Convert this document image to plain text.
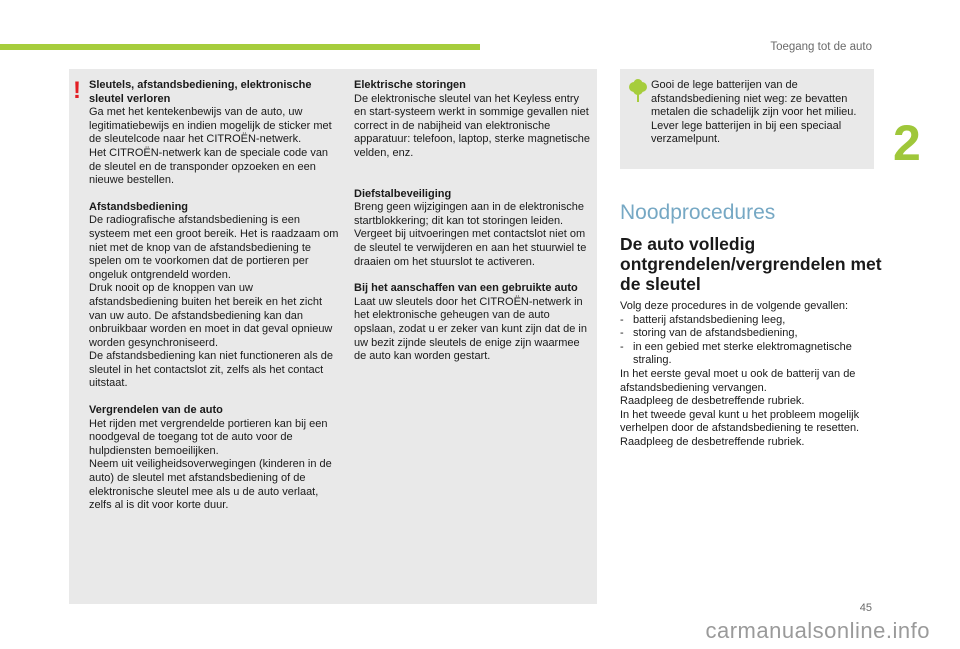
Toegang tot de auto
2
! Sleutels, afstandsbediening, elektronische sleutel verloren

Ga met het kentekenbewijs van de auto, uw legitimatiebewijs en indien mogelijk de sticker met de sleutelcode naar het CITROËN-netwerk.

Het CITROËN-netwerk kan de speciale code van de sleutel en de transponder opzoeken en een nieuwe bestellen.

Afstandsbediening

De radiografische afstandsbediening is een systeem met een groot bereik. Het is raadzaam om niet met de knop van de afstandsbediening te spelen om te voorkomen dat de portieren per ongeluk ontgrendeld worden.

Druk nooit op de knoppen van uw afstandsbediening buiten het bereik en het zicht van uw auto. De afstandsbediening kan dan onbruikbaar worden en moet in dat geval opnieuw worden gesynchroniseerd.

De afstandsbediening kan niet functioneren als de sleutel in het contactslot zit, zelfs als het contact uitstaat.

Vergrendelen van de auto

Het rijden met vergrendelde portieren kan bij een noodgeval de toegang tot de auto voor de hulpdiensten bemoeilijken.

Neem uit veiligheidsoverwegingen (kinderen in de auto) de sleutel met afstandsbediening of de elektronische sleutel mee als u de auto verlaat, zelfs al is dit voor korte duur.

Elektrische storingen

De elektronische sleutel van het Keyless entry en start-systeem werkt in sommige gevallen niet correct in de nabijheid van elektronische apparatuur: telefoon, laptop, sterke magnetische velden, enz.

Diefstalbeveiliging

Breng geen wijzigingen aan in de elektronische startblokkering; dit kan tot storingen leiden.

Vergeet bij uitvoeringen met contactslot niet om de sleutel te verwijderen en aan het stuurwiel te draaien om het stuurslot te activeren.

Bij het aanschaffen van een gebruikte auto

Laat uw sleutels door het CITROËN-netwerk in het elektronische geheugen van de auto opslaan, zodat u er zeker van kunt zijn dat de in uw bezit zijnde sleutels de enige zijn waarmee de auto kan worden gestart.

Gooi de lege batterijen van de afstandsbediening niet weg: ze bevatten metalen die schadelijk zijn voor het milieu.

Lever lege batterijen in bij een speciaal verzamelpunt.

Noodprocedures
De auto volledig ontgrendelen/vergrendelen met de sleutel

Volg deze procedures in de volgende gevallen:

- batterij afstandsbediening leeg,
- storing van de afstandsbediening,
- in een gebied met sterke elektromagnetische straling.

In het eerste geval moet u ook de batterij van de afstandsbediening vervangen.

Raadpleeg de desbetreffende rubriek.

In het tweede geval kunt u het probleem mogelijk verhelpen door de afstandsbediening te resetten.

Raadpleeg de desbetreffende rubriek.

45
carmanualsonline.info
